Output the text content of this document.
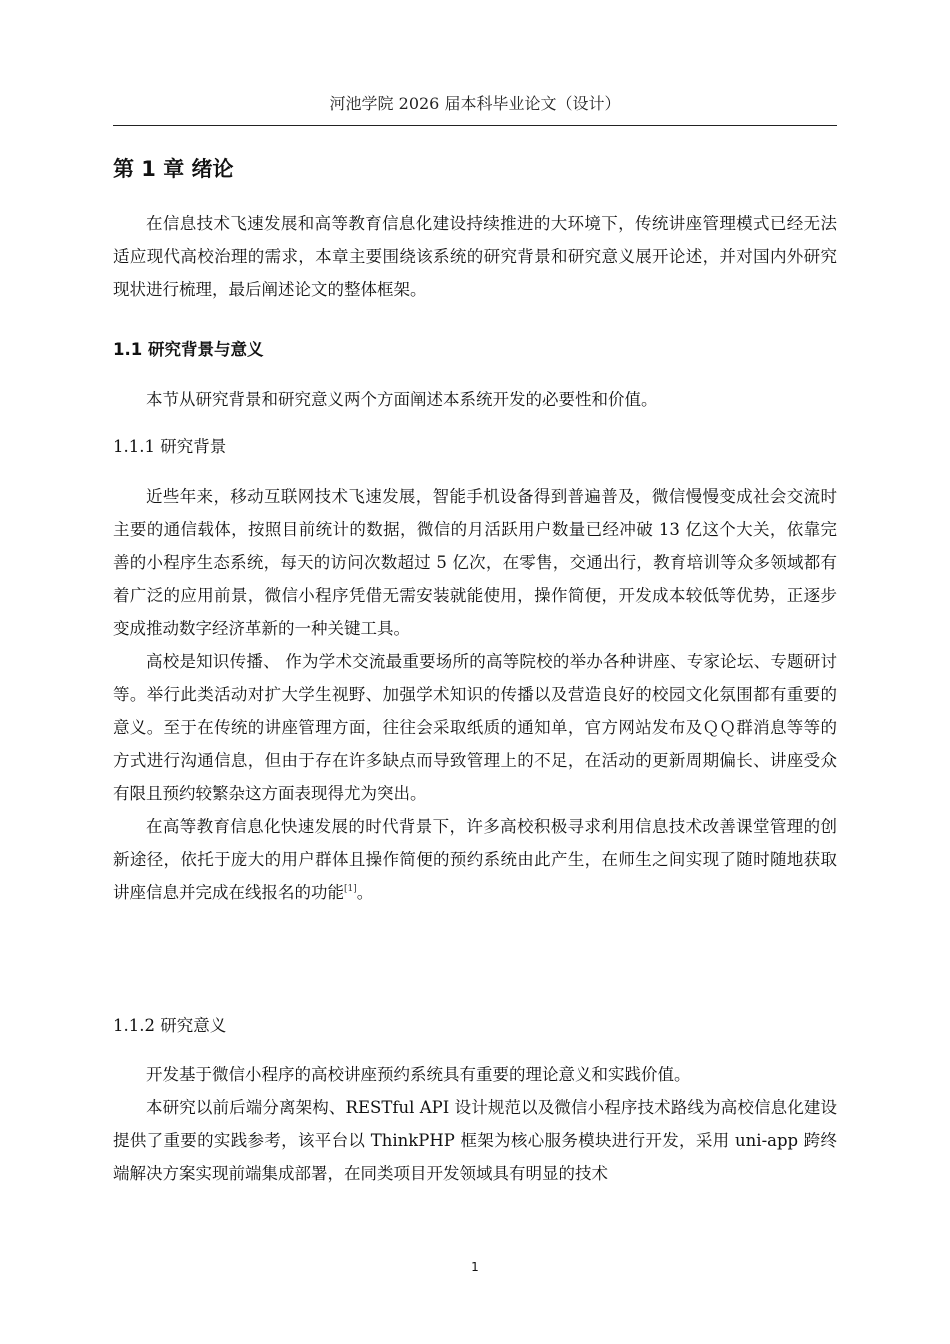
河池学院 2026 届本科毕业论文（设计）
第 1 章 绪论

在信息技术飞速发展和高等教育信息化建设持续推进的大环境下，传统讲座管理模式已经无法适应现代高校治理的需求，本章主要围绕该系统的研究背景和研究意义展开论述，并对国内外研究现状进行梳理，最后阐述论文的整体框架。

1.1 研究背景与意义

本节从研究背景和研究意义两个方面阐述本系统开发的必要性和价值。

1.1.1 研究背景

近些年来，移动互联网技术飞速发展，智能手机设备得到普遍普及，微信慢慢变成社会交流时主要的通信载体，按照目前统计的数据，微信的月活跃用户数量已经冲破 13 亿这个大关，依靠完善的小程序生态系统，每天的访问次数超过 5 亿次，在零售，交通出行，教育培训等众多领域都有着广泛的应用前景，微信小程序凭借无需安装就能使用，操作简便，开发成本较低等优势，正逐步变成推动数字经济革新的一种关键工具。

高校是知识传播、 作为学术交流最重要场所的高等院校的举办各种讲座、专家论坛、专题研讨等。举行此类活动对扩大学生视野、加强学术知识的传播以及营造良好的校园文化氛围都有重要的意义。至于在传统的讲座管理方面，往往会采取纸质的通知单，官方网站发布及ＱＱ群消息等等的方式进行沟通信息，但由于存在许多缺点而导致管理上的不足，在活动的更新周期偏长、讲座受众有限且预约较繁杂这方面表现得尤为突出。

在高等教育信息化快速发展的时代背景下，许多高校积极寻求利用信息技术改善课堂管理的创新途径，依托于庞大的用户群体且操作简便的预约系统由此产生，在师生之间实现了随时随地获取讲座信息并完成在线报名的功能[1]。

1.1.2 研究意义

开发基于微信小程序的高校讲座预约系统具有重要的理论意义和实践价值。

本研究以前后端分离架构、RESTful API 设计规范以及微信小程序技术路线为高校信息化建设提供了重要的实践参考，该平台以 ThinkPHP 框架为核心服务模块进行开发，采用 uni-app 跨终端解决方案实现前端集成部署，在同类项目开发领域具有明显的技术

1
